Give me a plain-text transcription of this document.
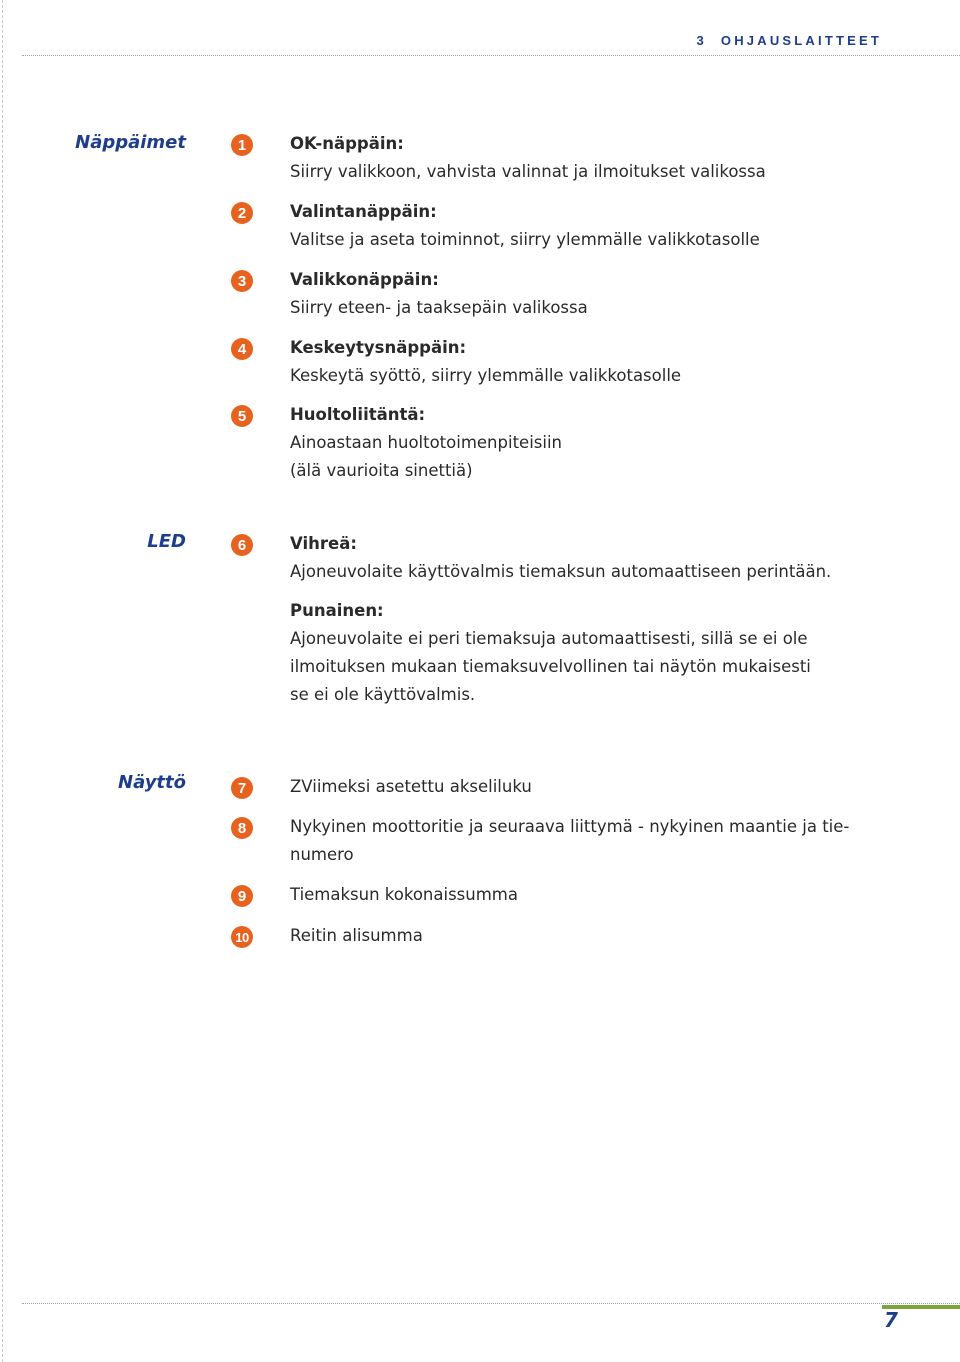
3 OHJAUSLAITTEET
Näppäimet	1	OK-näppäin:
Siirry valikkoon, vahvista valinnat ja ilmoitukset valikossa
2	Valintanäppäin:
Valitse ja aseta toiminnot, siirry ylemmälle valikkotasolle
3	Valikkonäppäin:
Siirry eteen- ja taaksepäin valikossa
4	Keskeytysnäppäin:
Keskeytä syöttö, siirry ylemmälle valikkotasolle
5	Huoltoliitäntä:
Ainoastaan huoltotoimenpiteisiin
(älä vaurioita sinettiä)
LED	6	Vihreä:
Ajoneuvolaite käyttövalmis tiemaksun automaattiseen perintään.
Punainen:
Ajoneuvolaite ei peri tiemaksuja automaattisesti, sillä se ei ole
ilmoituksen mukaan tiemaksuvelvollinen tai näytön mukaisesti
se ei ole käyttövalmis.
Näyttö	7	ZViimeksi asetettu akseliluku
8	Nykyinen moottoritie ja seuraava liittymä - nykyinen maantie ja tie-
numero
9	Tiemaksun kokonaissumma
10	Reitin alisumma
7
